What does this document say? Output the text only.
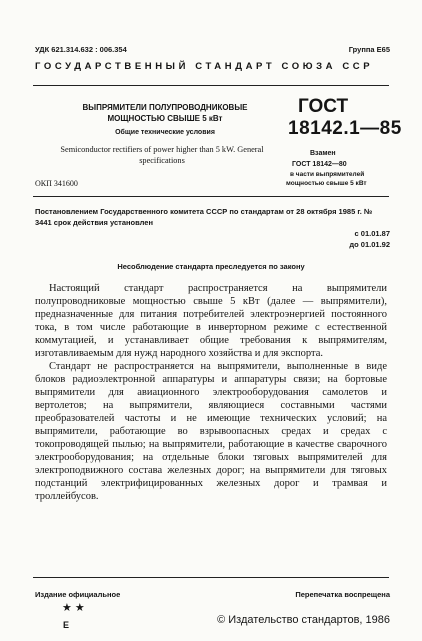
УДК 621.314.632 : 006.354	Группа Е65
ГОСУДАРСТВЕННЫЙ СТАНДАРТ СОЮЗА ССР
ВЫПРЯМИТЕЛИ ПОЛУПРОВОДНИКОВЫЕ МОЩНОСТЬЮ СВЫШЕ 5 кВт
Общие технические условия
Semiconductor rectifiers of power higher than 5 kW. General specifications
ОКП 341600
ГОСТ
18142.1—85
Взамен
ГОСТ 18142—80
в части выпрямителей
мощностью свыше 5 кВт
Постановлением Государственного комитета СССР по стандартам от 28 октября 1985 г. № 3441 срок действия установлен
с 01.01.87
до 01.01.92
Несоблюдение стандарта преследуется по закону

Настоящий стандарт распространяется на выпрямители полупроводниковые мощностью свыше 5 кВт (далее — выпрямители), предназначенные для питания потребителей электроэнергией постоянного тока, в том числе работающие в инверторном режиме с естественной коммутацией, и устанавливает общие требования к выпрямителям, изготавливаемым для нужд народного хозяйства и для экспорта.

Стандарт не распространяется на выпрямители, выполненные в виде блоков радиоэлектронной аппаратуры и аппаратуры связи; на бортовые выпрямители для авиационного электрооборудования самолетов и вертолетов; на выпрямители, являющиеся составными частями преобразователей частоты и не имеющие технических условий; на выпрямители, работающие во взрывоопасных средах и средах с токопроводящей пылью; на выпрямители, работающие в качестве сварочного электрооборудования; на отдельные блоки тяговых выпрямителей для электроподвижного состава железных дорог; на выпрямители для тяговых подстанций электрифицированных железных дорог и трамвая и троллейбусов.

Издание официальное	Перепечатка воспрещена
★ ★
Е	© Издательство стандартов, 1986
